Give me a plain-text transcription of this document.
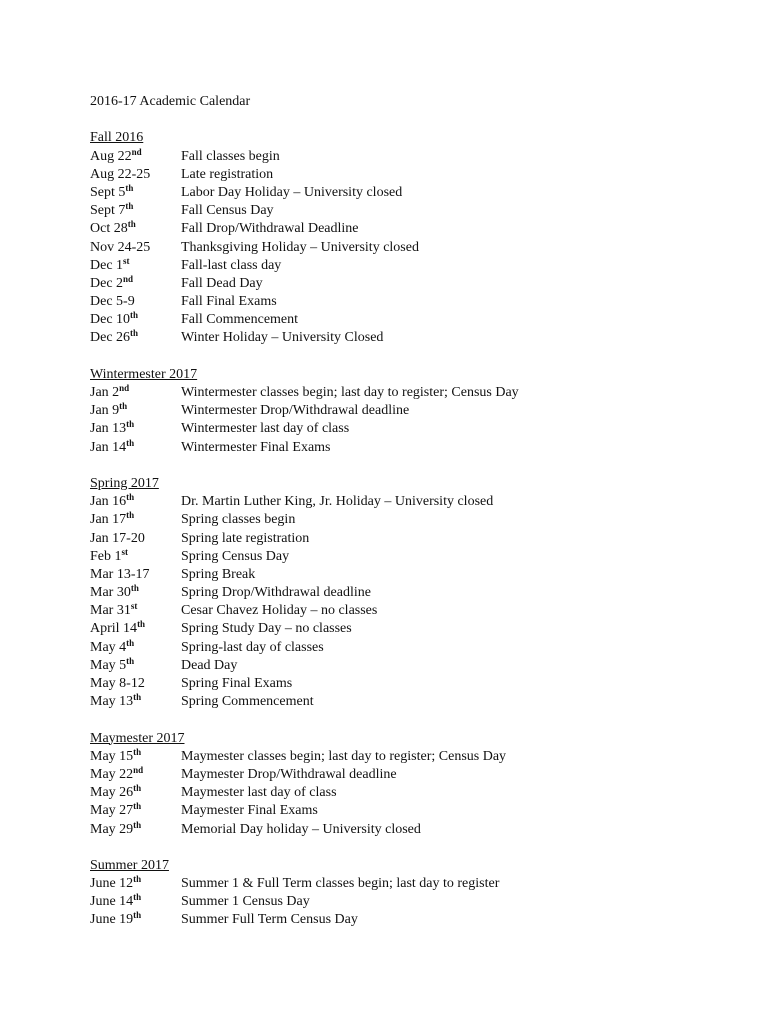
2016-17 Academic Calendar
Fall 2016
Aug 22nd	Fall classes begin
Aug 22-25 Late registration
Sept 5th	Labor Day Holiday – University closed
Sept 7th	Fall Census Day
Oct 28th	Fall Drop/Withdrawal Deadline
Nov 24-25 Thanksgiving Holiday – University closed
Dec 1st	Fall-last class day
Dec 2nd	Fall Dead Day
Dec 5-9	Fall Final Exams
Dec 10th	Fall Commencement
Dec 26th	Winter Holiday – University Closed
Wintermester 2017
Jan 2nd	Wintermester classes begin; last day to register; Census Day
Jan 9th	Wintermester Drop/Withdrawal deadline
Jan 13th	Wintermester last day of class
Jan 14th	Wintermester Final Exams
Spring 2017
Jan 16th	Dr. Martin Luther King, Jr. Holiday – University closed
Jan 17th	Spring classes begin
Jan 17-20	Spring late registration
Feb 1st	Spring Census Day
Mar 13-17 Spring Break
Mar 30th	Spring Drop/Withdrawal deadline
Mar 31st	Cesar Chavez Holiday – no classes
April 14th	Spring Study Day – no classes
May 4th	Spring-last day of classes
May 5th	Dead Day
May 8-12	Spring Final Exams
May 13th	Spring Commencement
Maymester 2017
May 15th	Maymester classes begin; last day to register; Census Day
May 22nd	Maymester Drop/Withdrawal deadline
May 26th	Maymester last day of class
May 27th	Maymester Final Exams
May 29th	Memorial Day holiday – University closed
Summer 2017
June 12th	Summer 1 & Full Term classes begin; last day to register
June 14th	Summer 1 Census Day
June 19th	Summer Full Term Census Day
